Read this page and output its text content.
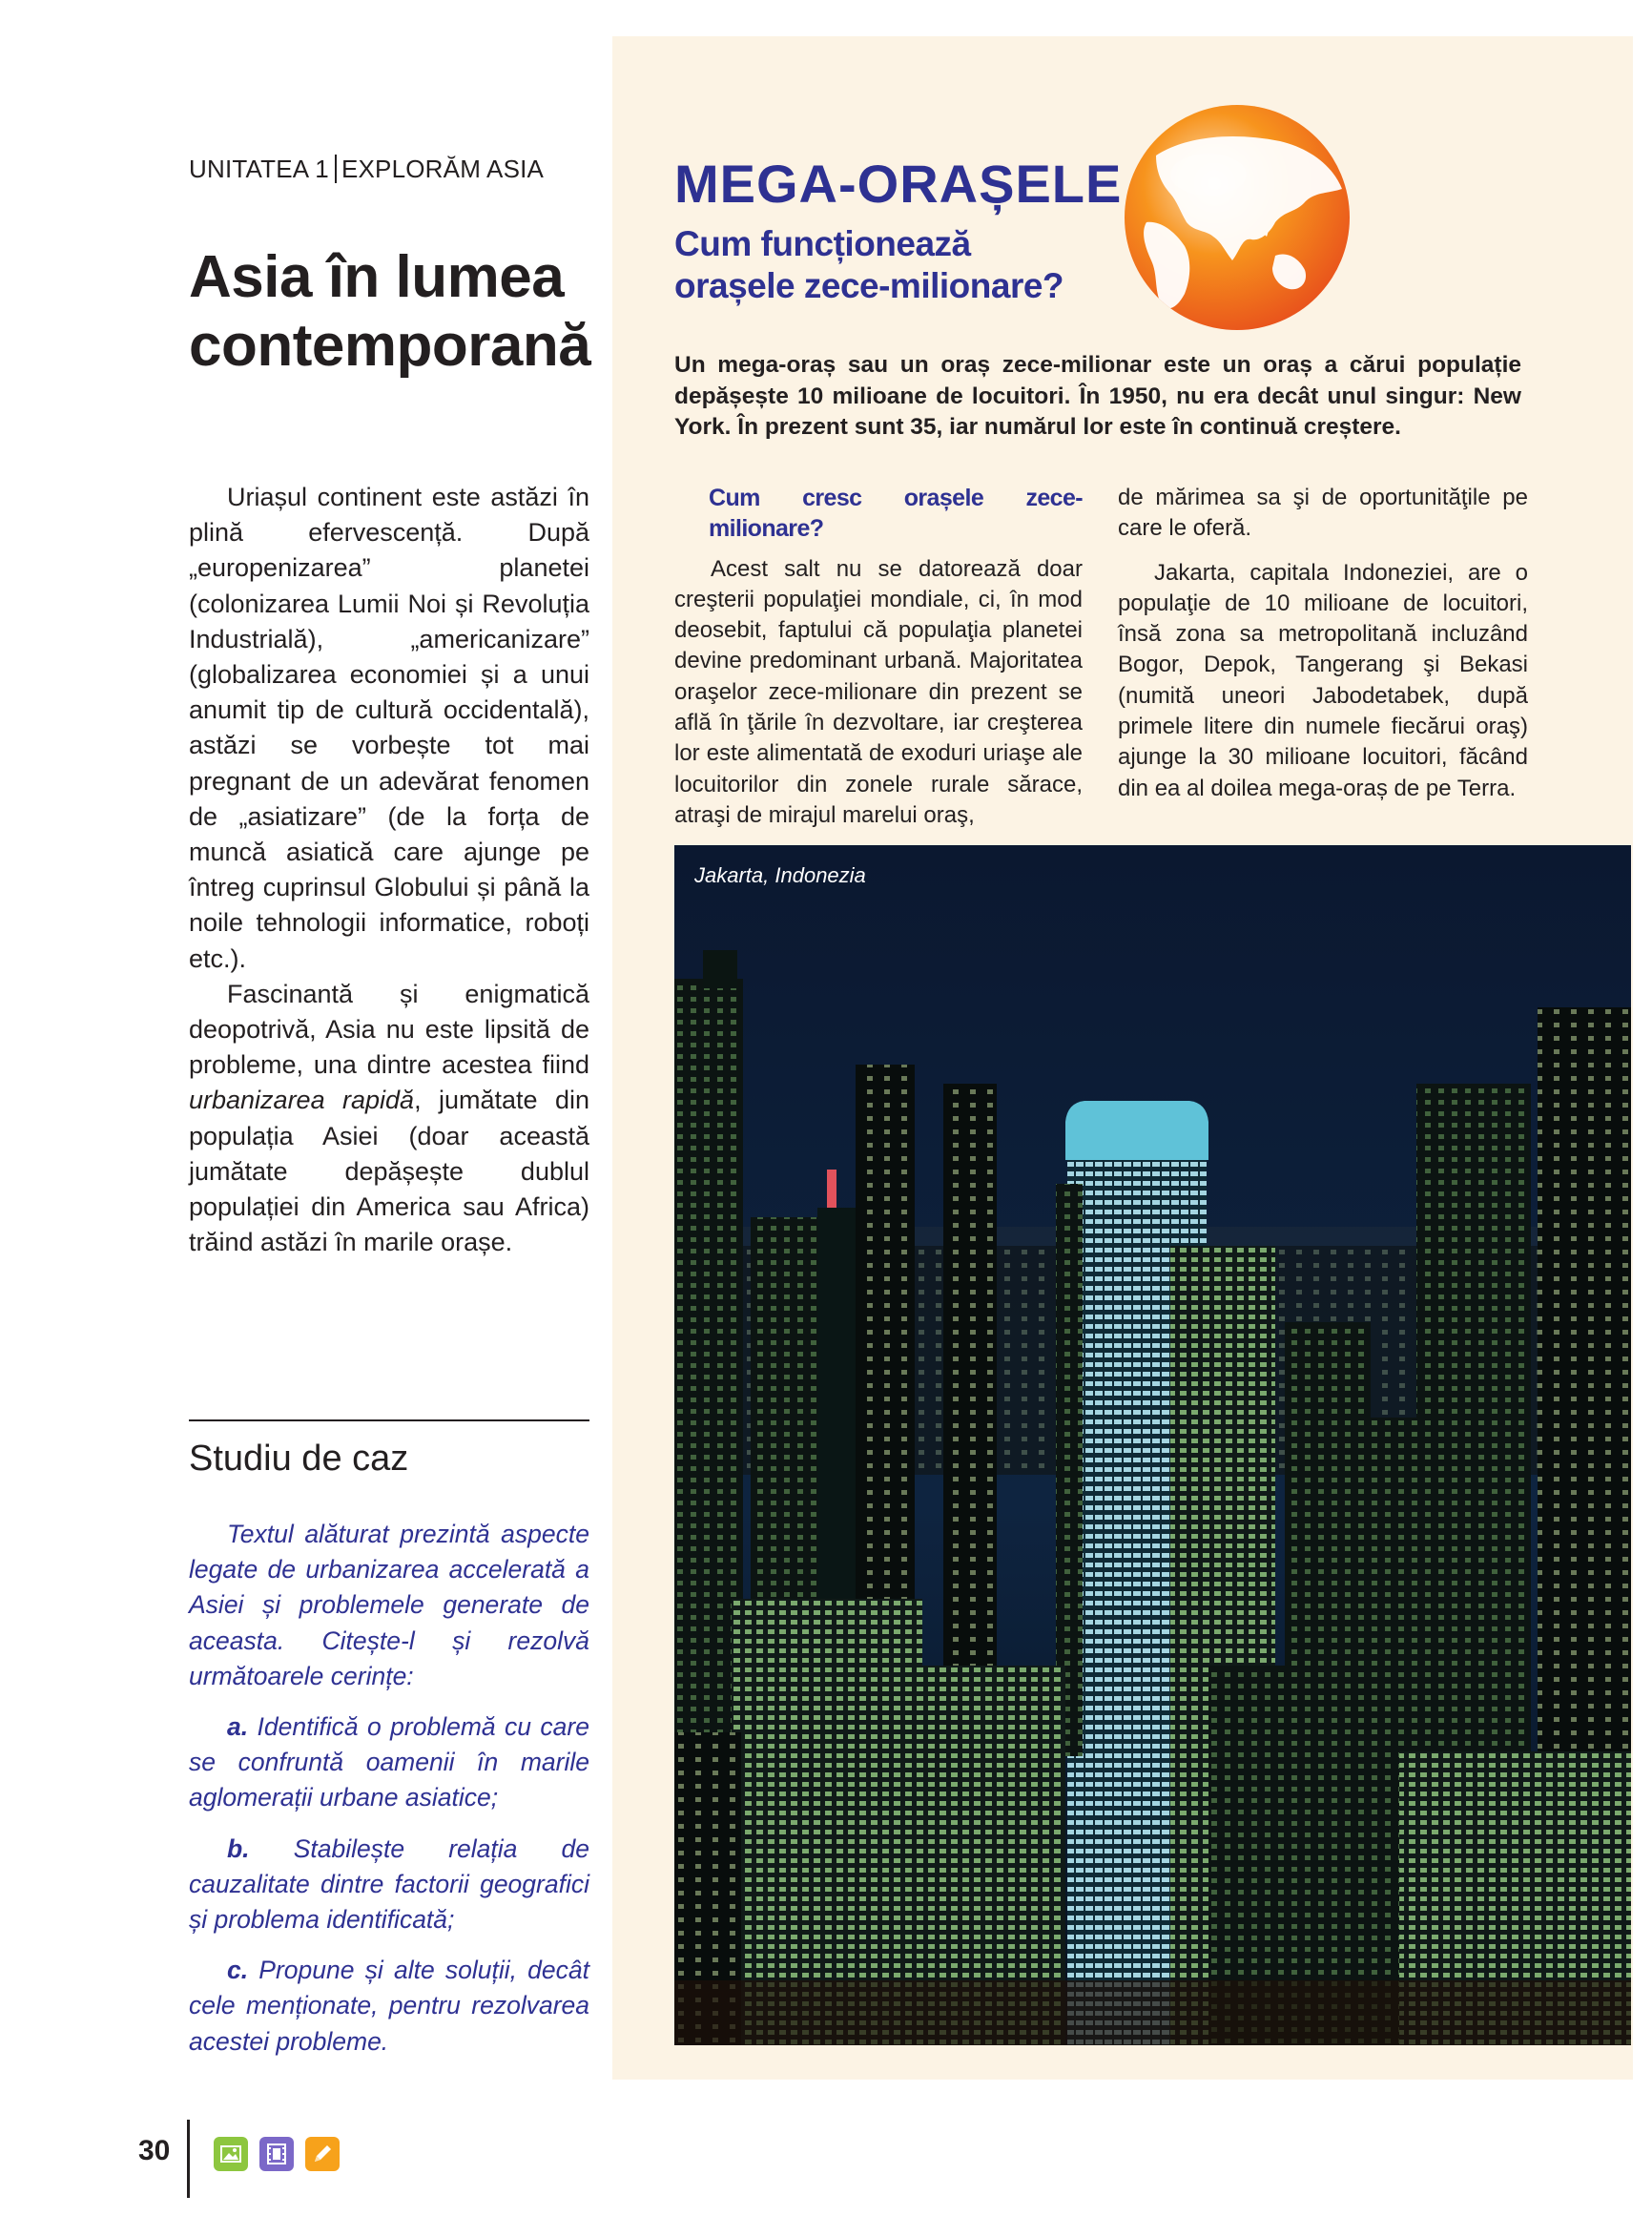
UNITATEA 1 EXPLORĂM ASIA
Asia în lumea
contemporană

Uriașul continent este astăzi în plină efervescență. După „europenizarea” planetei (colonizarea Lumii Noi și Revoluția Industrială), „americanizare” (globalizarea economiei și a unui anumit tip de cultură occidentală), astăzi se vorbește tot mai pregnant de un adevărat fenomen de „asiatizare” (de la forța de muncă asiatică care ajunge pe întreg cuprinsul Globului și până la noile tehnologii informatice, roboți etc.).

Fascinantă și enigmatică deopotrivă, Asia nu este lipsită de probleme, una dintre acestea fiind urbanizarea rapidă, jumătate din populația Asiei (doar această jumătate depășește dublul populației din America sau Africa) trăind astăzi în marile orașe.

Studiu de caz

Textul alăturat prezintă aspecte legate de urbanizarea accelerată a Asiei și problemele generate de aceasta. Citește-l și rezolvă următoarele cerințe:

a. Identifică o problemă cu care se confruntă oamenii în marile aglomerații urbane asiatice;

b. Stabilește relația de cauzalitate dintre factorii geografici și problema identificată;

c. Propune și alte soluții, decât cele menționate, pentru rezolvarea acestei probleme.

MEGA-ORAȘELE
Cum funcționează
orașele zece-milionare?
Un mega-oraș sau un oraș zece-milionar este un oraș a cărui populație depășește 10 milioane de locuitori. În 1950, nu era decât unul singur: New York. În prezent sunt 35, iar numărul lor este în continuă creștere.
Cum cresc orașele zece-milionare?

Acest salt nu se datorează doar creşterii populaţiei mondiale, ci, în mod deosebit, faptului că populaţia planetei devine predominant urbană. Majoritatea oraşelor zece-milionare din prezent se află în ţările în dezvoltare, iar creşterea lor este alimentată de exoduri uriaşe ale locuitorilor din zonele rurale sărace, atraşi de mirajul marelui oraş,

de mărimea sa şi de oportunităţile pe care le oferă.

Jakarta, capitala Indoneziei, are o populaţie de 10 milioane de locuitori, însă zona sa metropolitană incluzând Bogor, Depok, Tangerang şi Bekasi (numită uneori Jabodetabek, după primele litere din numele fiecărui oraş) ajunge la 30 milioane locuitori, făcând din ea al doilea mega-oraș de pe Terra.

Jakarta, Indonezia
30
